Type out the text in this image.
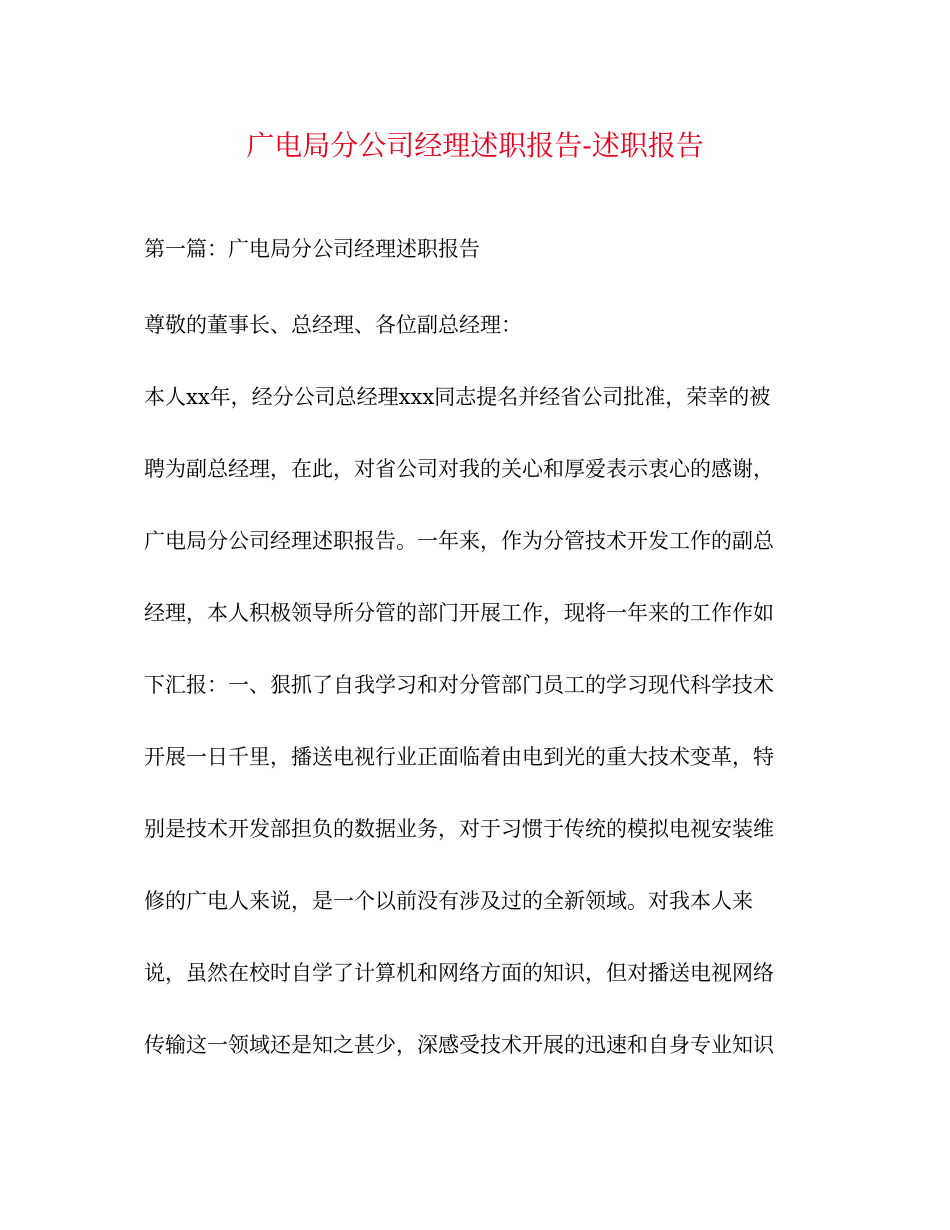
广电局分公司经理述职报告-述职报告
第一篇：广电局分公司经理述职报告
尊敬的董事长、总经理、各位副总经理：
本人xx年，经分公司总经理xxx同志提名并经省公司批准，荣幸的被
聘为副总经理，在此，对省公司对我的关心和厚爱表示衷心的感谢，
广电局分公司经理述职报告。一年来，作为分管技术开发工作的副总
经理，本人积极领导所分管的部门开展工作，现将一年来的工作作如
下汇报：一、狠抓了自我学习和对分管部门员工的学习现代科学技术
开展一日千里，播送电视行业正面临着由电到光的重大技术变革，特
别是技术开发部担负的数据业务，对于习惯于传统的模拟电视安装维
修的广电人来说，是一个以前没有涉及过的全新领域。对我本人来
说，虽然在校时自学了计算机和网络方面的知识，但对播送电视网络
传输这一领域还是知之甚少，深感受技术开展的迅速和自身专业知识
